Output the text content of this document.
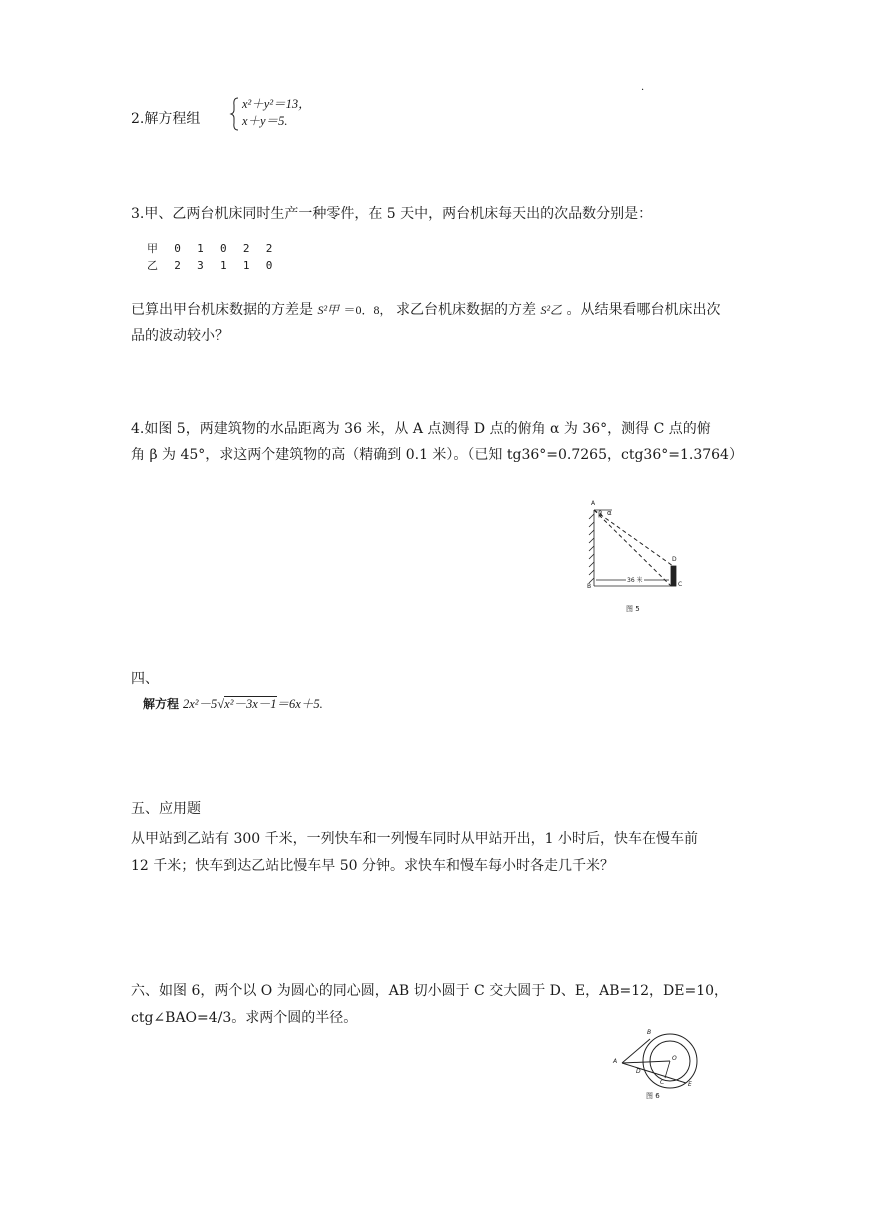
·
2.解方程组
x²＋y²＝13，
x＋y＝5.
3.甲、乙两台机床同时生产一种零件，在 5 天中，两台机床每天出的次品数分别是：
甲  0  1  0  2  2
乙  2  3  1  1  0
已算出甲台机床数据的方差是 S²甲 ＝0．8， 求乙台机床数据的方差 S²乙 。从结果看哪台机床出次
品的波动较小？
4.如图 5，两建筑物的水品距离为 36 米，从 A 点测得 D 点的俯角 α 为 36°，测得 C 点的俯
角 β 为 45°，求这两个建筑物的高（精确到 0.1 米）。（已知 tg36°=0.7265，ctg36°=1.3764）
A
β α
D
C
B
36 米
图 5
四、
解方程 2x²－5√x²－3x－1＝6x＋5.
五、应用题
从甲站到乙站有 300 千米，一列快车和一列慢车同时从甲站开出，1 小时后，快车在慢车前
12 千米；快车到达乙站比慢车早 50 分钟。求快车和慢车每小时各走几千米？
六、如图 6，两个以 O 为圆心的同心圆，AB 切小圆于 C 交大圆于 D、E，AB=12，DE=10，
ctg∠BAO=4/3。求两个圆的半径。
A
B
O
D
C	E
图 6
